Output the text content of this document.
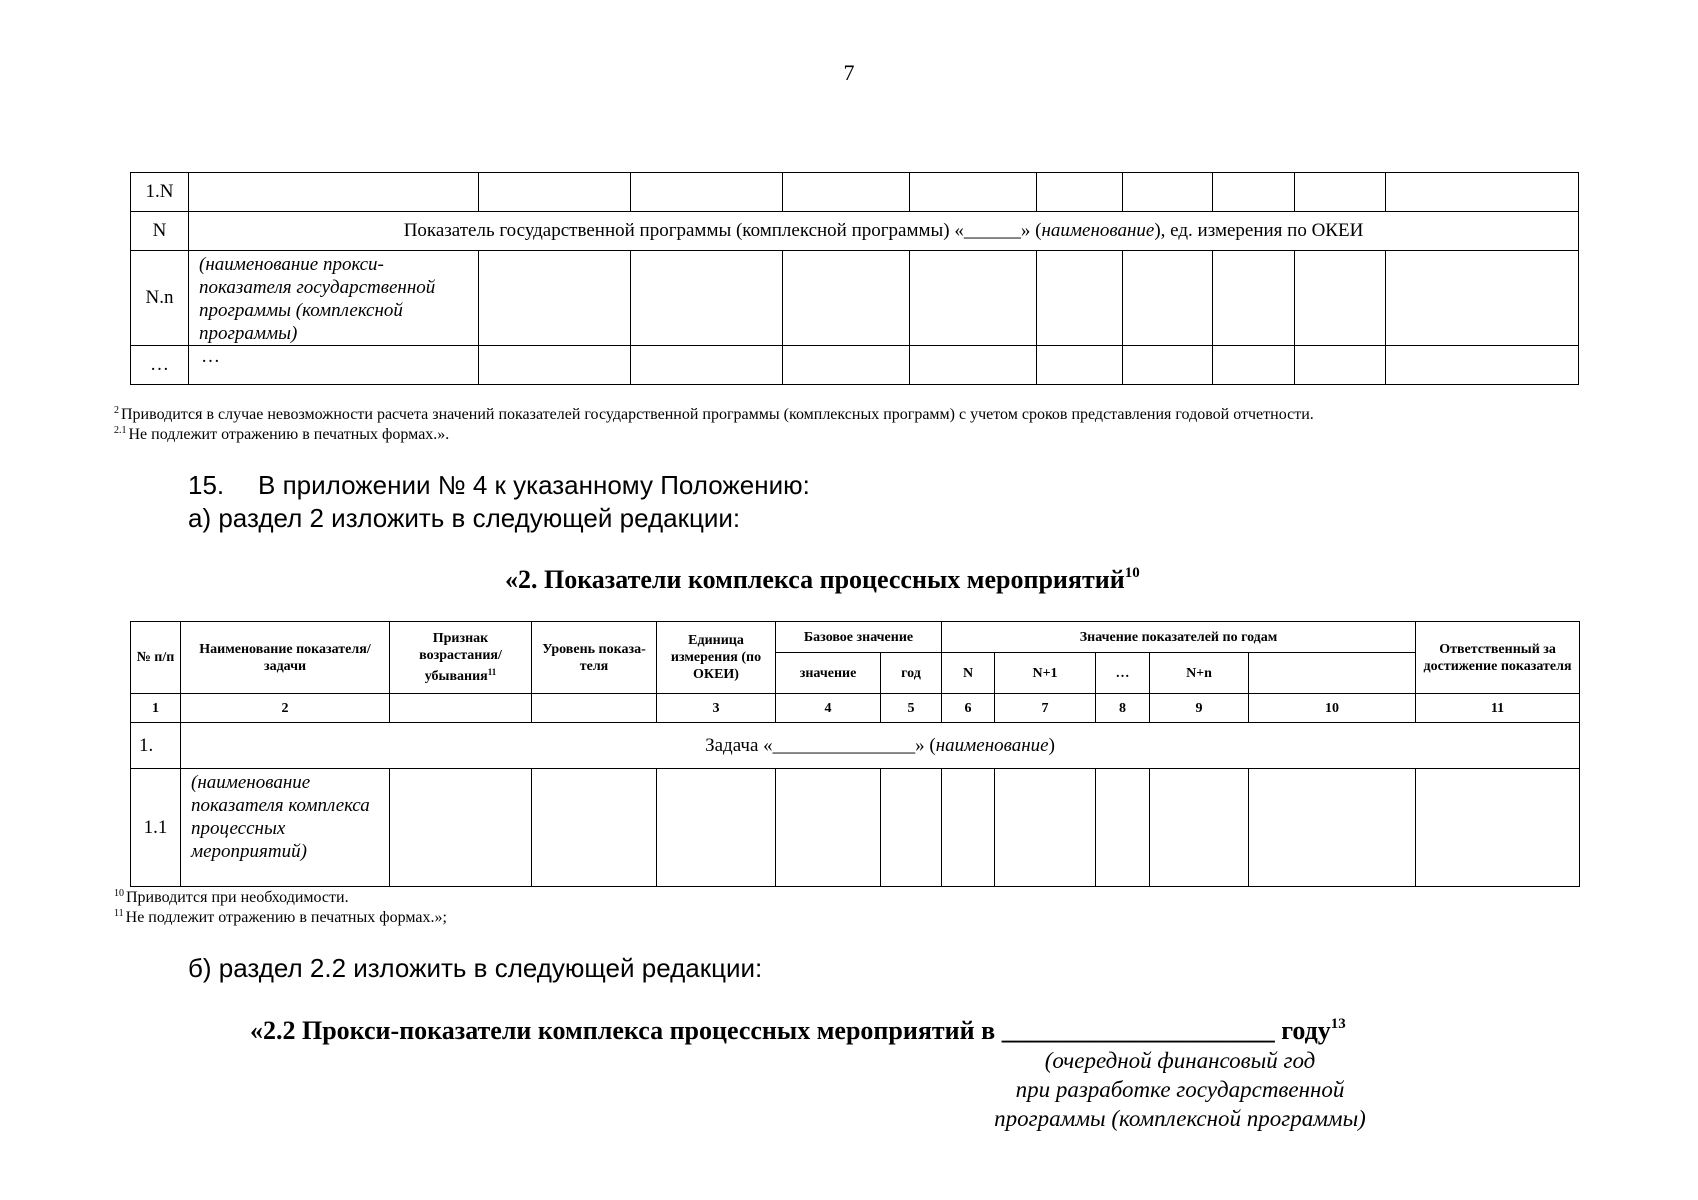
7
1.N										
N	Показатель государственной программы (комплексной программы) «______» (наименование), ед. измерения по ОКЕИ									
N.n	(наименование прокси-показателя государственной программы (комплексной программы)									
…	…									
$^2$ Приводится в случае невозможности расчета значений показателей государственной программы (комплексных программ) с учетом сроков представления годовой отчетности.
$^{2.1}$ Не подлежит отражению в печатных формах.».
15. В приложении № 4 к указанному Положению:
а) раздел 2 изложить в следующей редакции:
«2. Показатели комплекса процессных мероприятий$^{10}$
№ п/п	Наименование показателя/задачи	Признак возрастания/ убывания$^{11}$	Уровень показа-теля	Единица измерения (по ОКЕИ)	Базовое значение		Значение показателей по годам					Ответственный за достижение показателя	
					значение	год	N	N+1	…	N+n			
1	2			3	4	5	6	7	8	9	10	11	
1.	Задача «_______________» (наименование)												
1.1	(наименование показателя комплекса процессных мероприятий)												
$^{10}$ Приводится при необходимости.
$^{11}$ Не подлежит отражению в печатных формах.»;
б) раздел 2.2 изложить в следующей редакции:
«2.2 Прокси-показатели комплекса процессных мероприятий в _____________________ году$^{13}$
(очередной финансовый год
при разработке государственной
программы (комплексной программы)
